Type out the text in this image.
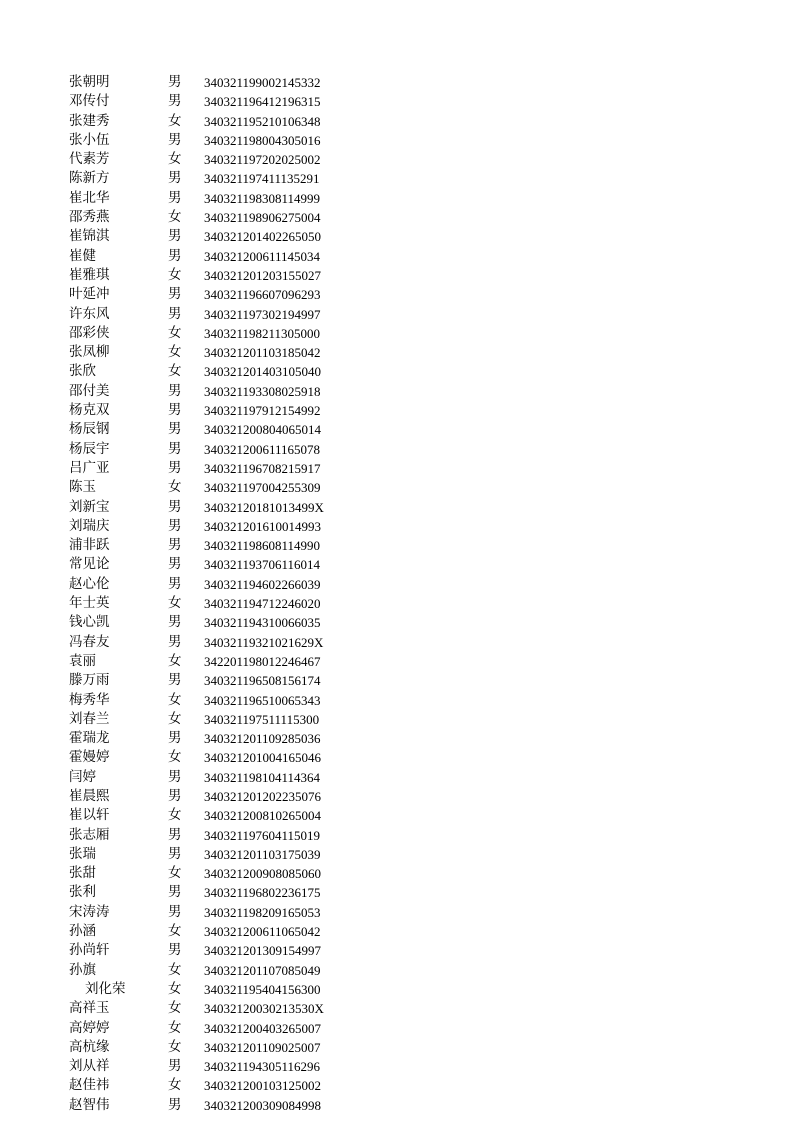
张朝明	男	340321199002145332
邓传付	男	340321196412196315
张建秀	女	340321195210106348
张小伍	男	340321198004305016
代素芳	女	340321197202025002
陈新方	男	340321197411135291
崔北华	男	340321198308114999
邵秀燕	女	340321198906275004
崔锦淇	男	340321201402265050
崔健	男	340321200611145034
崔雅琪	女	340321201203155027
叶延冲	男	340321196607096293
许东风	男	340321197302194997
邵彩侠	女	340321198211305000
张凤柳	女	340321201103185042
张欣	女	340321201403105040
邵付美	男	340321193308025918
杨克双	男	340321197912154992
杨辰钢	男	340321200804065014
杨辰宇	男	340321200611165078
吕广亚	男	340321196708215917
陈玉	女	340321197004255309
刘新宝	男	34032120181013499X
刘瑞庆	男	340321201610014993
浦非跃	男	340321198608114990
常见论	男	340321193706116014
赵心伦	男	340321194602266039
年士英	女	340321194712246020
钱心凯	男	340321194310066035
冯春友	男	34032119321021629X
袁丽	女	342201198012246467
滕万雨	男	340321196508156174
梅秀华	女	340321196510065343
刘春兰	女	340321197511115300
霍瑞龙	男	340321201109285036
霍嫚婷	女	340321201004165046
闫婷	男	340321198104114364
崔晨熙	男	340321201202235076
崔以轩	女	340321200810265004
张志厢	男	340321197604115019
张瑞	男	340321201103175039
张甜	女	340321200908085060
张利	男	340321196802236175
宋涛涛	男	340321198209165053
孙涵	女	340321200611065042
孙尚轩	男	340321201309154997
孙旗	女	340321201107085049
刘化荣	女	340321195404156300
高祥玉	女	34032120030213530X
高婷婷	女	340321200403265007
高杭缘	女	340321201109025007
刘从祥	男	340321194305116296
赵佳祎	女	340321200103125002
赵智伟	男	340321200309084998
